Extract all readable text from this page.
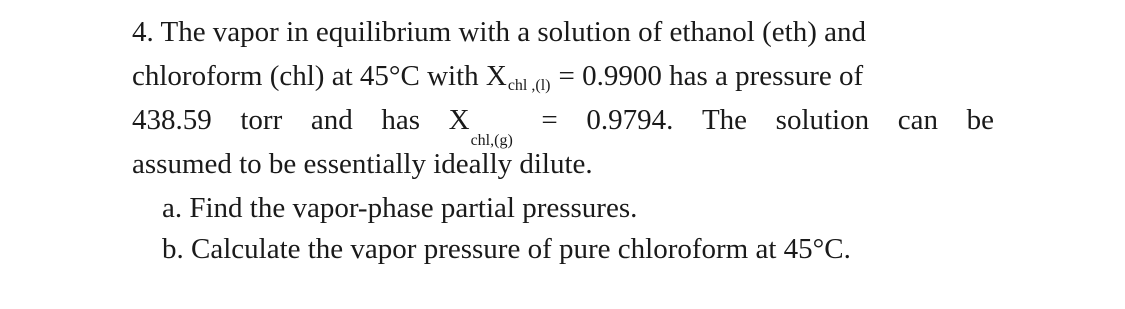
4. The vapor in equilibrium with a solution of ethanol (eth) and
chloroform (chl) at 45°C with X chl ,(l) = 0.9900 has a pressure of
438.59 torr and has $X_{chl,(g)}$
= 0.9794. The solution can be
assumed to be essentially ideally dilute.
a. Find the vapor-phase partial pressures.
b. Calculate the vapor pressure of pure chloroform at 45°C.
